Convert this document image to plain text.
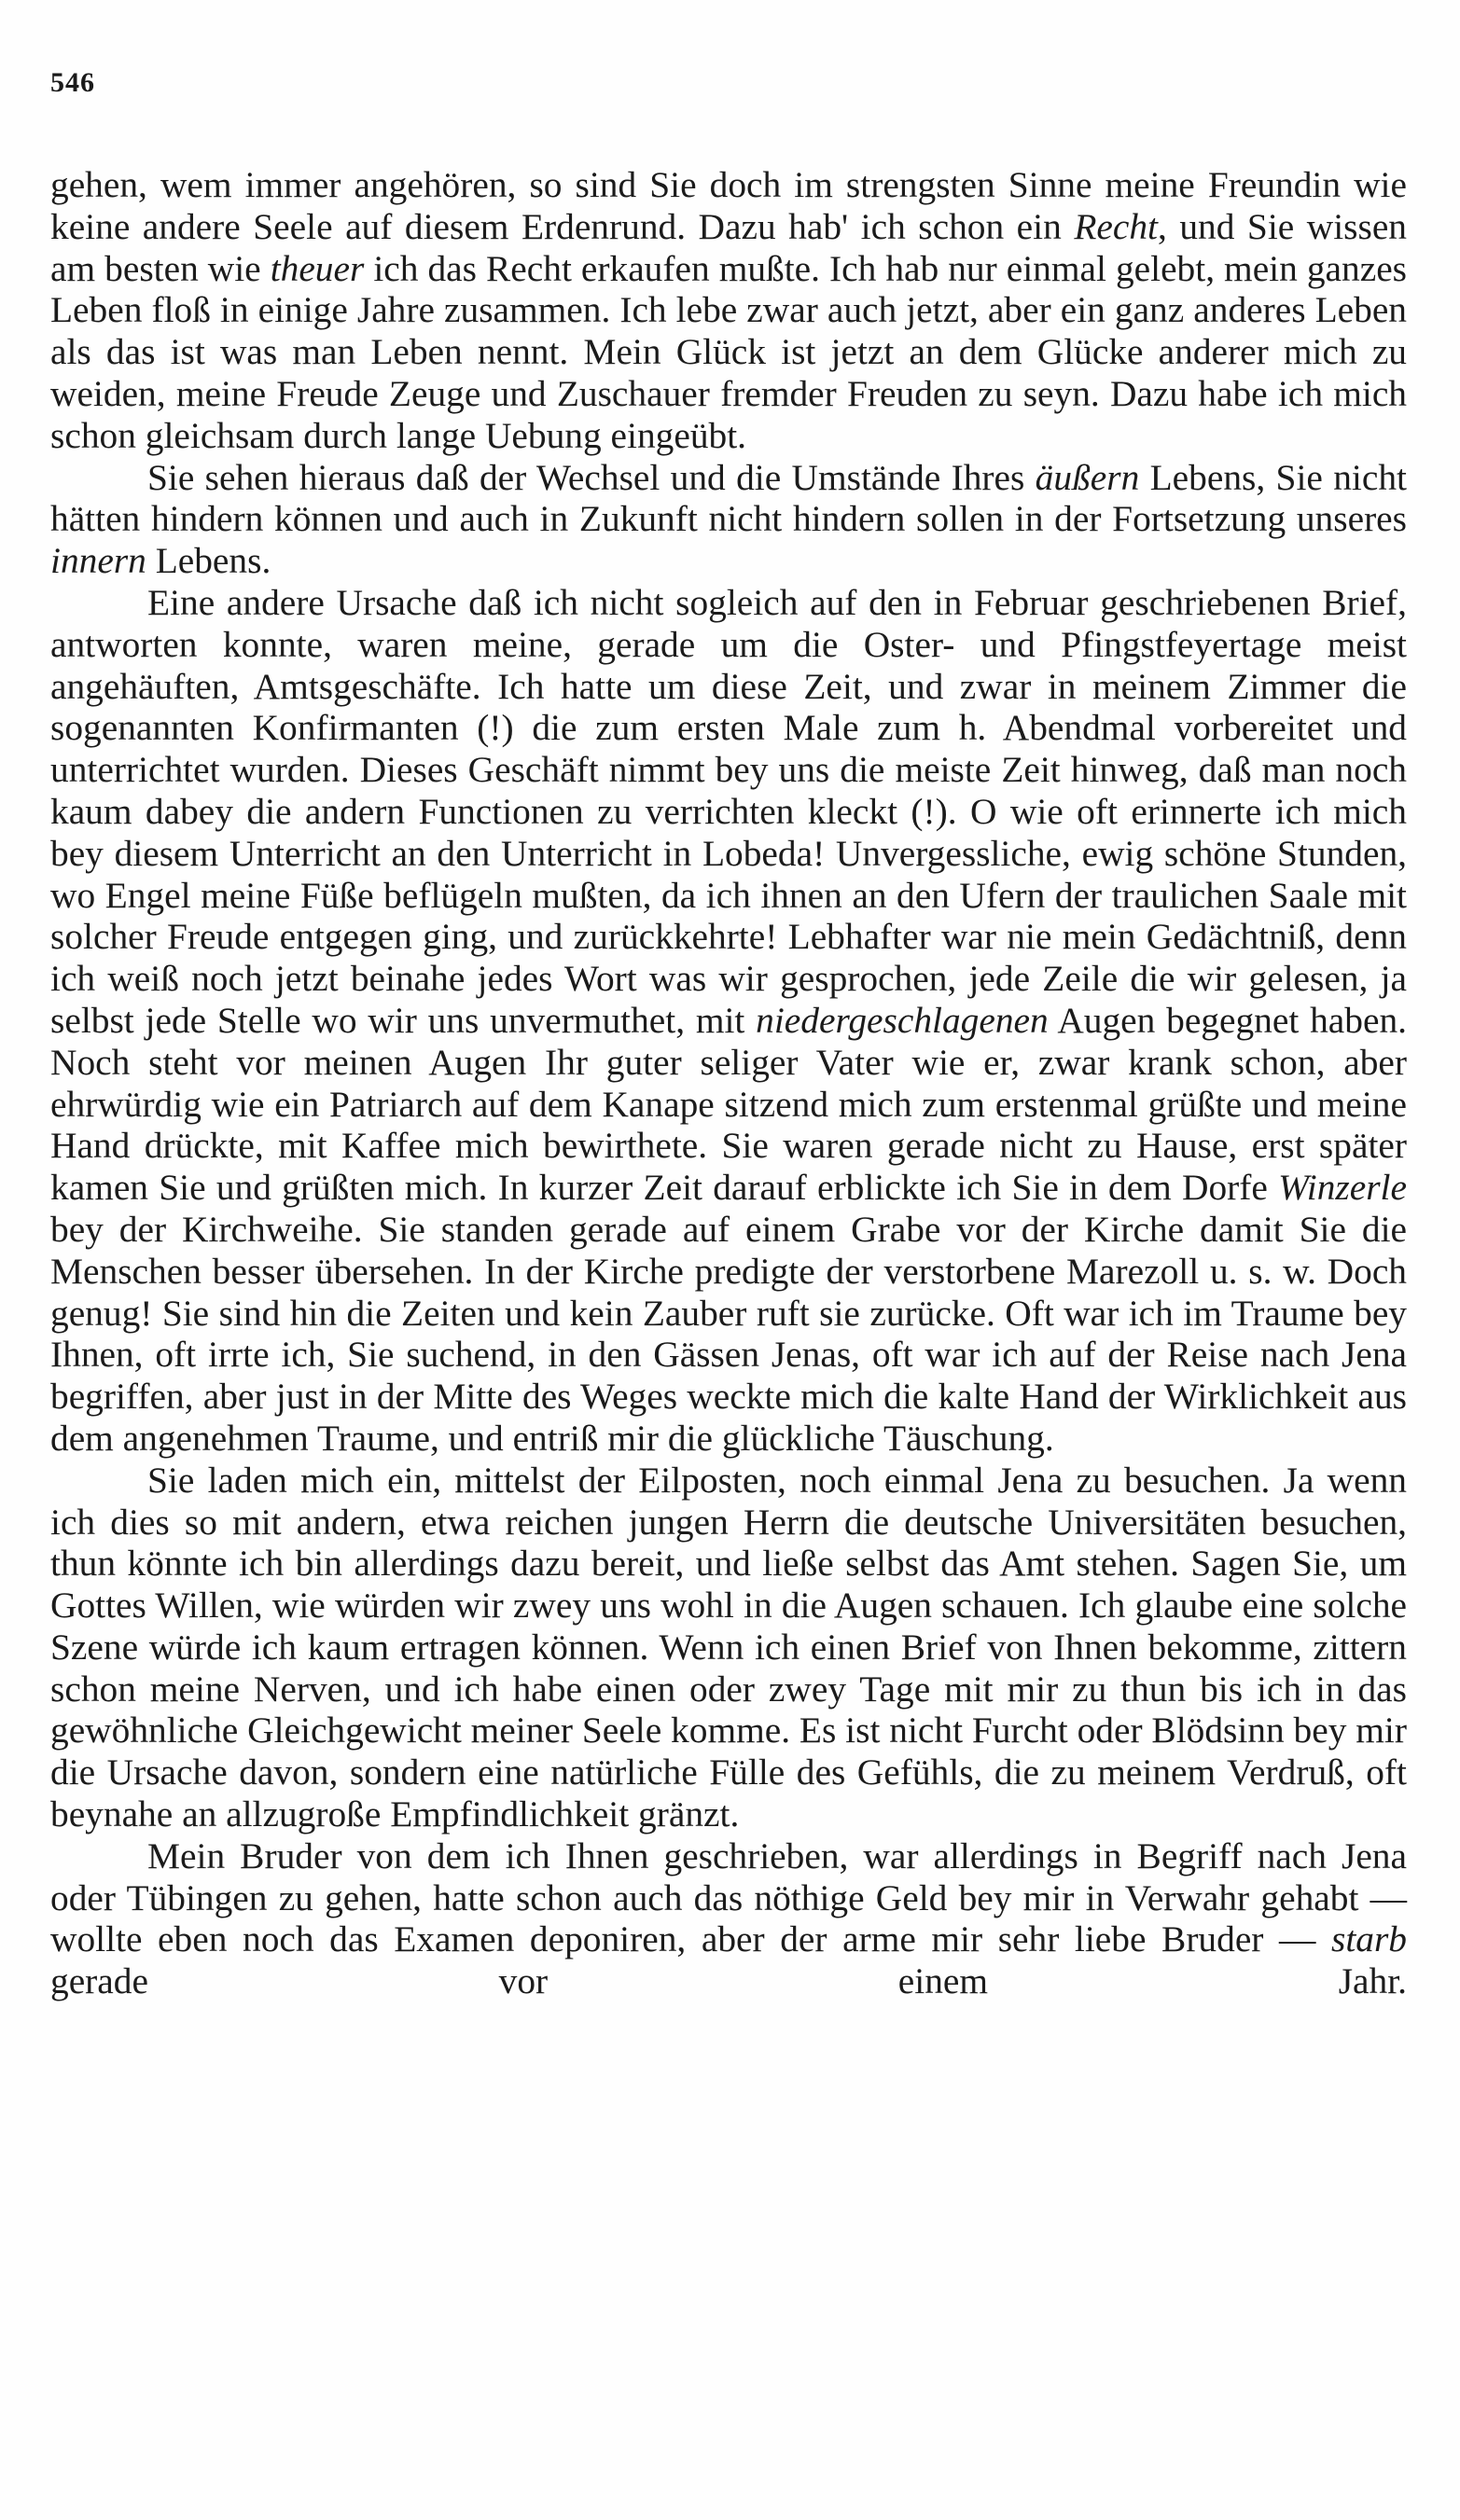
546

gehen, wem immer angehören, so sind Sie doch im strengsten Sinne meine Freundin wie keine andere Seele auf diesem Erdenrund. Dazu hab' ich schon ein Recht, und Sie wissen am besten wie theuer ich das Recht erkaufen mußte. Ich hab nur einmal gelebt, mein ganzes Leben floß in einige Jahre zusammen. Ich lebe zwar auch jetzt, aber ein ganz anderes Leben als das ist was man Leben nennt. Mein Glück ist jetzt an dem Glücke anderer mich zu weiden, meine Freude Zeuge und Zuschauer fremder Freuden zu seyn. Dazu habe ich mich schon gleichsam durch lange Uebung eingeübt.

Sie sehen hieraus daß der Wechsel und die Umstände Ihres äußern Lebens, Sie nicht hätten hindern können und auch in Zukunft nicht hindern sollen in der Fortsetzung unseres innern Lebens.

Eine andere Ursache daß ich nicht sogleich auf den in Februar geschriebenen Brief, antworten konnte, waren meine, gerade um die Oster- und Pfingstfeyertage meist angehäuften, Amtsgeschäfte. Ich hatte um diese Zeit, und zwar in meinem Zimmer die sogenannten Konfirmanten (!) die zum ersten Male zum h. Abendmal vorbereitet und unterrichtet wurden. Dieses Geschäft nimmt bey uns die meiste Zeit hinweg, daß man noch kaum dabey die andern Functionen zu verrichten kleckt (!). O wie oft erinnerte ich mich bey diesem Unterricht an den Unterricht in Lobeda! Unvergessliche, ewig schöne Stunden, wo Engel meine Füße beflügeln mußten, da ich ihnen an den Ufern der traulichen Saale mit solcher Freude entgegen ging, und zurückkehrte! Lebhafter war nie mein Gedächtniß, denn ich weiß noch jetzt beinahe jedes Wort was wir gesprochen, jede Zeile die wir gelesen, ja selbst jede Stelle wo wir uns unvermuthet, mit niedergeschlagenen Augen begegnet haben. Noch steht vor meinen Augen Ihr guter seliger Vater wie er, zwar krank schon, aber ehrwürdig wie ein Patriarch auf dem Kanape sitzend mich zum erstenmal grüßte und meine Hand drückte, mit Kaffee mich bewirthete. Sie waren gerade nicht zu Hause, erst später kamen Sie und grüßten mich. In kurzer Zeit darauf erblickte ich Sie in dem Dorfe Winzerle bey der Kirchweihe. Sie standen gerade auf einem Grabe vor der Kirche damit Sie die Menschen besser übersehen. In der Kirche predigte der verstorbene Marezoll u. s. w. Doch genug! Sie sind hin die Zeiten und kein Zauber ruft sie zurücke. Oft war ich im Traume bey Ihnen, oft irrte ich, Sie suchend, in den Gässen Jenas, oft war ich auf der Reise nach Jena begriffen, aber just in der Mitte des Weges weckte mich die kalte Hand der Wirklichkeit aus dem angenehmen Traume, und entriß mir die glückliche Täuschung.

Sie laden mich ein, mittelst der Eilposten, noch einmal Jena zu besuchen. Ja wenn ich dies so mit andern, etwa reichen jungen Herrn die deutsche Universitäten besuchen, thun könnte ich bin allerdings dazu bereit, und ließe selbst das Amt stehen. Sagen Sie, um Gottes Willen, wie würden wir zwey uns wohl in die Augen schauen. Ich glaube eine solche Szene würde ich kaum ertragen können. Wenn ich einen Brief von Ihnen bekomme, zittern schon meine Nerven, und ich habe einen oder zwey Tage mit mir zu thun bis ich in das gewöhnliche Gleichgewicht meiner Seele komme. Es ist nicht Furcht oder Blödsinn bey mir die Ursache davon, sondern eine natürliche Fülle des Gefühls, die zu meinem Verdruß, oft beynahe an allzugroße Empfindlichkeit gränzt.

Mein Bruder von dem ich Ihnen geschrieben, war allerdings in Begriff nach Jena oder Tübingen zu gehen, hatte schon auch das nöthige Geld bey mir in Verwahr gehabt — wollte eben noch das Examen deponiren, aber der arme mir sehr liebe Bruder — starb gerade vor einem Jahr.
